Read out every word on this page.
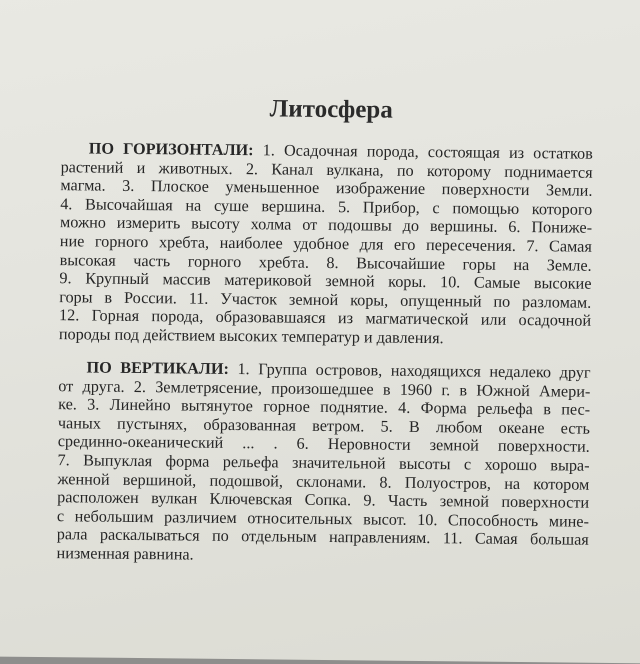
Литосфера
ПО ГОРИЗОНТАЛИ: 1. Осадочная порода, состоящая из остатков
растений и животных. 2. Канал вулкана, по которому поднимается
магма. 3. Плоское уменьшенное изображение поверхности Земли.
4. Высочайшая на суше вершина. 5. Прибор, с помощью которого
можно измерить высоту холма от подошвы до вершины. 6. Пониже-
ние горного хребта, наиболее удобное для его пересечения. 7. Самая
высокая часть горного хребта. 8. Высочайшие горы на Земле.
9. Крупный массив материковой земной коры. 10. Самые высокие
горы в России. 11. Участок земной коры, опущенный по разломам.
12. Горная порода, образовавшаяся из магматической или осадочной
породы под действием высоких температур и давления.
ПО ВЕРТИКАЛИ: 1. Группа островов, находящихся недалеко друг
от друга. 2. Землетрясение, произошедшее в 1960 г. в Южной Амери-
ке. 3. Линейно вытянутое горное поднятие. 4. Форма рельефа в пес-
чаных пустынях, образованная ветром. 5. В любом океане есть
срединно-океанический ... . 6. Неровности земной поверхности.
7. Выпуклая форма рельефа значительной высоты с хорошо выра-
женной вершиной, подошвой, склонами. 8. Полуостров, на котором
расположен вулкан Ключевская Сопка. 9. Часть земной поверхности
с небольшим различием относительных высот. 10. Способность мине-
рала раскалываться по отдельным направлениям. 11. Самая большая
низменная равнина.
